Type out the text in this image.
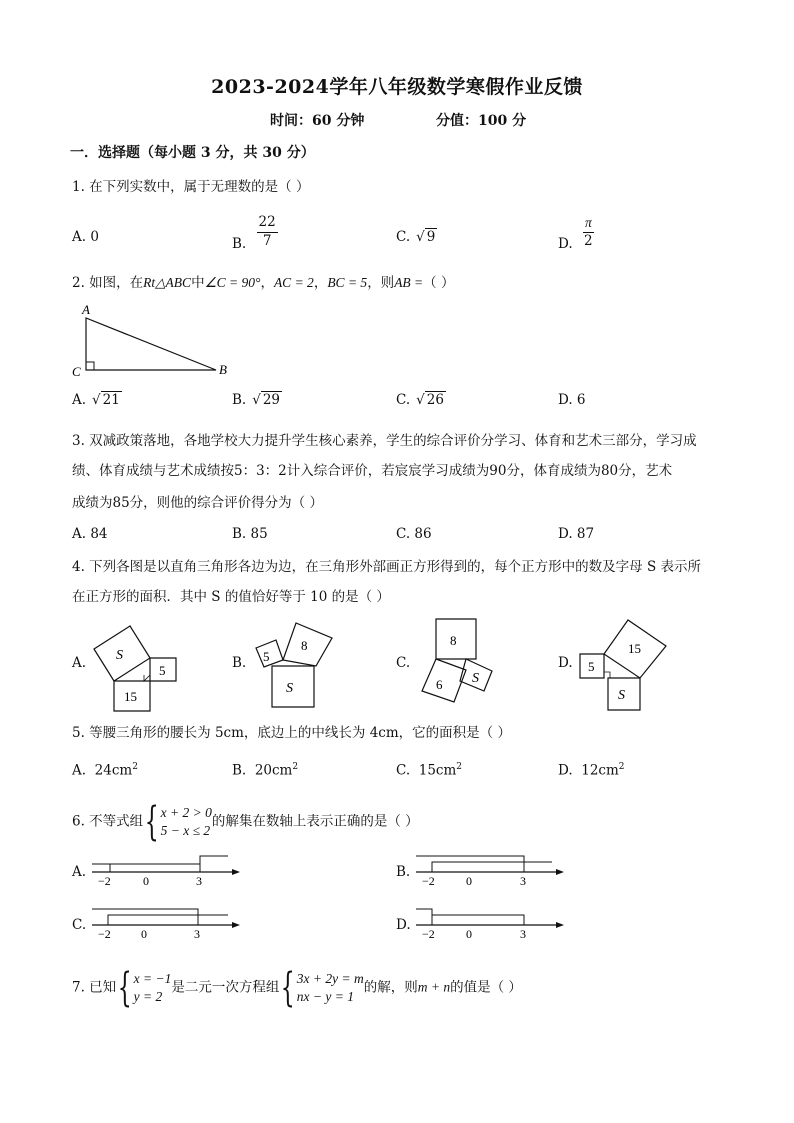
2023-2024学年八年级数学寒假作业反馈
时间：60 分钟	分值：100 分
一．选择题（每小题 3 分，共 30 分）
1. 在下列实数中，属于无理数的是（ ）
A. 0	B. $\frac{22}{7}$	C. √ 9	D. $\frac{\pi}{2}$
2. 如图，在Rt△ABC中∠C = 90°，AC = 2，BC = 5，则AB =（ ）
A
C	B
A. √ 21	B. √ 29	C. √ 26	D. 6
3. 双减政策落地，各地学校大力提升学生核心素养，学生的综合评价分学习、体育和艺术三部分，学习成
绩、体育成绩与艺术成绩按5：3：2计入综合评价，若宸宸学习成绩为90分，体育成绩为80分，艺术
成绩为85分，则他的综合评价得分为（ ）
A. 84	B. 85	C. 86	D. 87
4. 下列各图是以直角三角形各边为边，在三角形外部画正方形得到的，每个正方形中的数及字母 S 表示所
在正方形的面积．其中 S 的值恰好等于 10 的是（ ）
A. S
5
15
B. 5
8
S
C.
8
6 S
D. 5
15
S
5. 等腰三角形的腰长为 5cm，底边上的中线长为 4cm，它的面积是（ ）
A. $24cm^2$	B. $20cm^2$	C. $15cm^2$	D. $12cm^2$
6. 不等式组 { x + 2 > 0
5 − x ≤ 2
的解集在数轴上表示正确的是（ ）
A.
−2	0	3
B.
−2	0	3
C.
−2	0	3
D.
−2	0	3
7. 已知 { x = −1
y = 2
是二元一次方程组 { 3x + 2y = m
nx − y = 1
的解，则m + n的值是（ ）
